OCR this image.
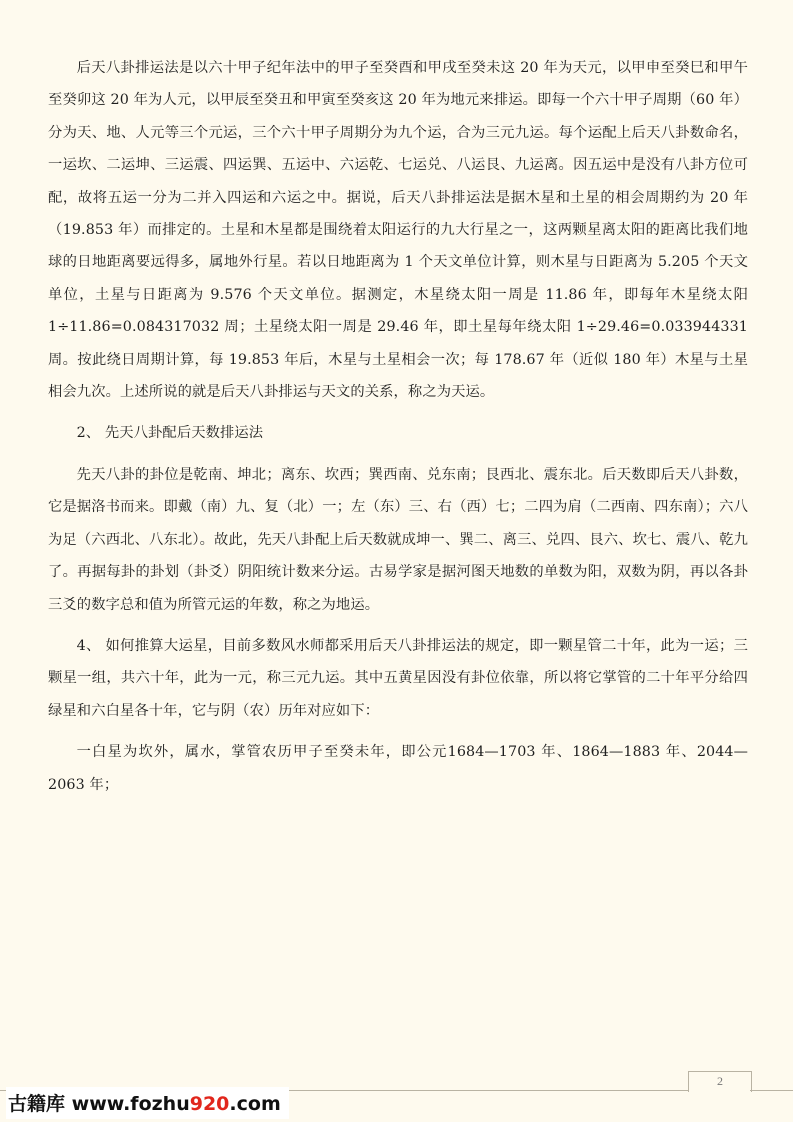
后天八卦排运法是以六十甲子纪年法中的甲子至癸酉和甲戌至癸未这 20 年为天元，以甲申至癸巳和甲午至癸卯这 20 年为人元，以甲辰至癸丑和甲寅至癸亥这 20 年为地元来排运。即每一个六十甲子周期（60 年）分为天、地、人元等三个元运，三个六十甲子周期分为九个运，合为三元九运。每个运配上后天八卦数命名，一运坎、二运坤、三运震、四运巽、五运中、六运乾、七运兑、八运艮、九运离。因五运中是没有八卦方位可配，故将五运一分为二并入四运和六运之中。据说，后天八卦排运法是据木星和土星的相会周期约为 20 年（19.853 年）而排定的。土星和木星都是围绕着太阳运行的九大行星之一，这两颗星离太阳的距离比我们地球的日地距离要远得多，属地外行星。若以日地距离为 1 个天文单位计算，则木星与日距离为 5.205 个天文单位，土星与日距离为 9.576 个天文单位。据测定，木星绕太阳一周是 11.86 年，即每年木星绕太阳 1÷11.86=0.084317032 周；土星绕太阳一周是 29.46 年，即土星每年绕太阳 1÷29.46=0.033944331 周。按此绕日周期计算，每 19.853 年后，木星与土星相会一次；每 178.67 年（近似 180 年）木星与土星相会九次。上述所说的就是后天八卦排运与天文的关系，称之为天运。

2、 先天八卦配后天数排运法

先天八卦的卦位是乾南、坤北；离东、坎西；巽西南、兑东南；艮西北、震东北。后天数即后天八卦数，它是据洛书而来。即戴（南）九、复（北）一；左（东）三、右（西）七；二四为肩（二西南、四东南）；六八为足（六西北、八东北）。故此，先天八卦配上后天数就成坤一、巽二、离三、兑四、艮六、坎七、震八、乾九了。再据每卦的卦划（卦爻）阴阳统计数来分运。古易学家是据河图天地数的单数为阳，双数为阴，再以各卦三爻的数字总和值为所管元运的年数，称之为地运。

4、 如何推算大运星，目前多数风水师都采用后天八卦排运法的规定，即一颗星管二十年，此为一运；三颗星一组，共六十年，此为一元，称三元九运。其中五黄星因没有卦位依靠，所以将它掌管的二十年平分给四绿星和六白星各十年，它与阴（农）历年对应如下：

一白星为坎外，属水，掌管农历甲子至癸未年，即公元1684—1703 年、1864—1883 年、2044—2063 年；

2
古籍库 www.fozhu920.com
